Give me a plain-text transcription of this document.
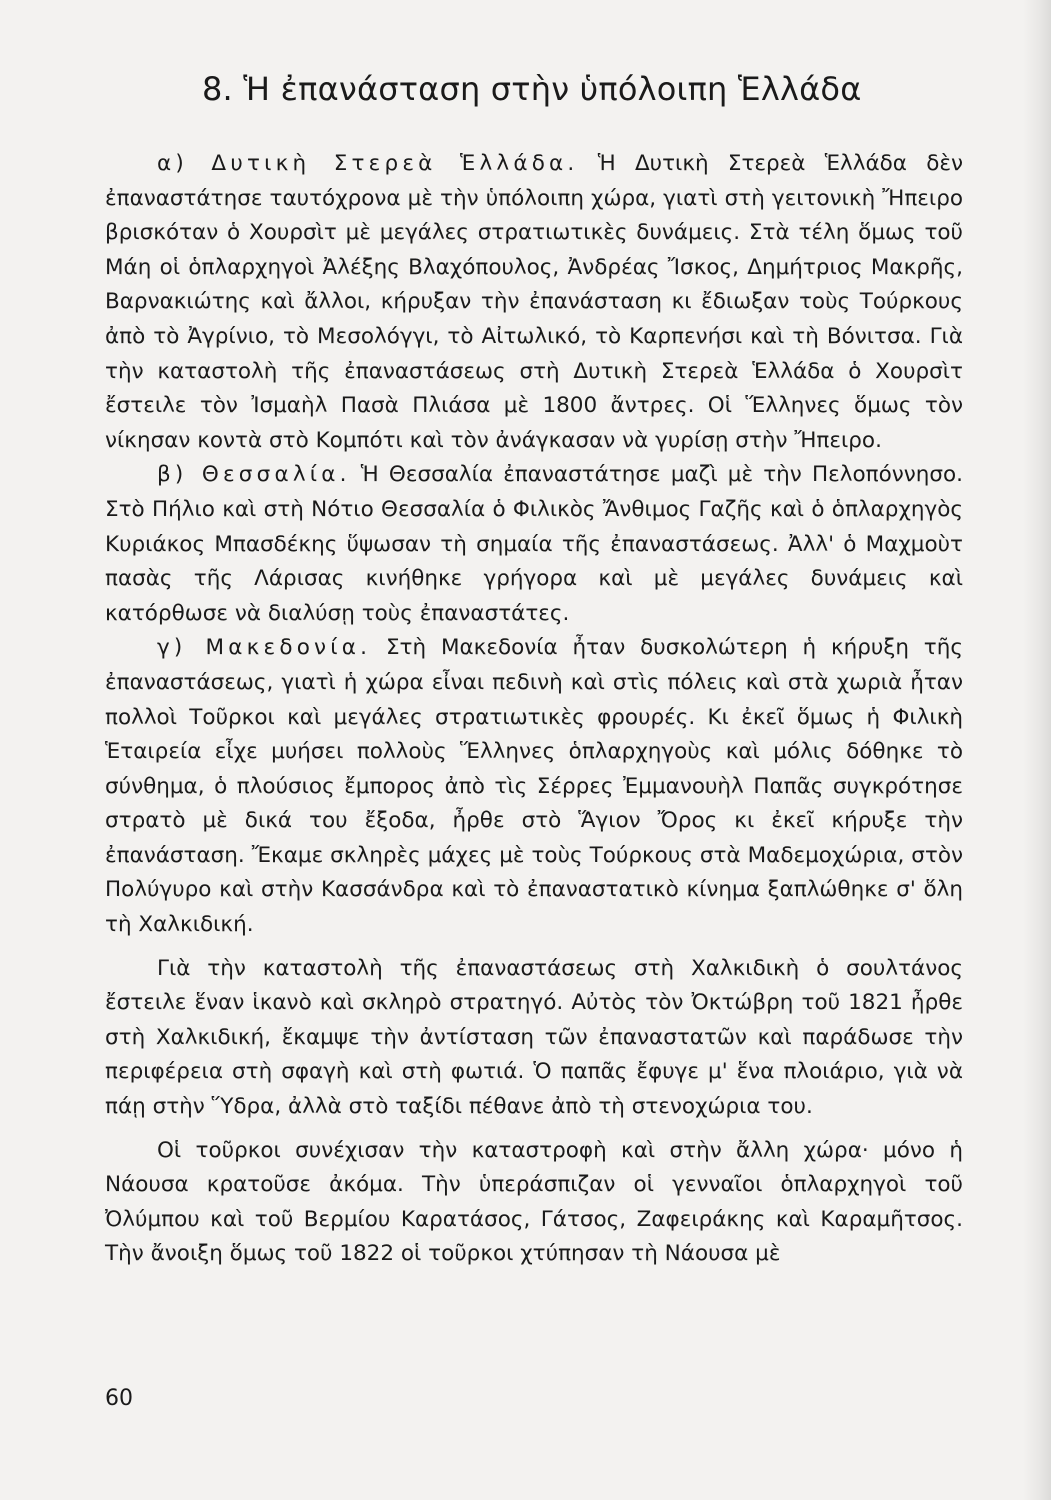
8. Ἡ ἐπανάσταση στὴν ὑπόλοιπη Ἑλλάδα

α) Δυτικὴ Στερεὰ Ἑλλάδα. Ἡ Δυτικὴ Στερεὰ Ἑλλάδα δὲν ἐπαναστάτησε ταυτόχρονα μὲ τὴν ὑπόλοιπη χώρα, γιατὶ στὴ γειτονικὴ Ἤπειρο βρισκόταν ὁ Χουρσὶτ μὲ μεγάλες στρατιωτικὲς δυνάμεις. Στὰ τέλη ὅμως τοῦ Μάη οἱ ὁπλαρχηγοὶ Ἀλέξης Βλαχόπουλος, Ἀνδρέας Ἴσκος, Δημήτριος Μακρῆς, Βαρνακιώτης καὶ ἄλλοι, κήρυξαν τὴν ἐπανάσταση κι ἔδιωξαν τοὺς Τούρκους ἀπὸ τὸ Ἀγρίνιο, τὸ Μεσολόγγι, τὸ Αἰτωλικό, τὸ Καρπενήσι καὶ τὴ Βόνιτσα. Γιὰ τὴν καταστολὴ τῆς ἐπαναστάσεως στὴ Δυτικὴ Στερεὰ Ἑλλάδα ὁ Χουρσὶτ ἔστειλε τὸν Ἰσμαὴλ Πασὰ Πλιάσα μὲ 1800 ἄντρες. Οἱ Ἕλληνες ὅμως τὸν νίκησαν κοντὰ στὸ Κομπότι καὶ τὸν ἀνάγκασαν νὰ γυρίσῃ στὴν Ἤπειρο.

β) Θεσσαλία. Ἡ Θεσσαλία ἐπαναστάτησε μαζὶ μὲ τὴν Πελοπόννησο. Στὸ Πήλιο καὶ στὴ Νότιο Θεσσαλία ὁ Φιλικὸς Ἄνθιμος Γαζῆς καὶ ὁ ὁπλαρχηγὸς Κυριάκος Μπασδέκης ὕψωσαν τὴ σημαία τῆς ἐπαναστάσεως. Ἀλλ' ὁ Μαχμοὺτ πασὰς τῆς Λάρισας κινήθηκε γρήγορα καὶ μὲ μεγάλες δυνάμεις καὶ κατόρθωσε νὰ διαλύσῃ τοὺς ἐπαναστάτες.

γ) Μακεδονία. Στὴ Μακεδονία ἦταν δυσκολώτερη ἡ κήρυξη τῆς ἐπαναστάσεως, γιατὶ ἡ χώρα εἶναι πεδινὴ καὶ στὶς πόλεις καὶ στὰ χωριὰ ἦταν πολλοὶ Τοῦρκοι καὶ μεγάλες στρατιωτικὲς φρουρές. Κι ἐκεῖ ὅμως ἡ Φιλικὴ Ἑταιρεία εἶχε μυήσει πολλοὺς Ἕλληνες ὁπλαρχηγοὺς καὶ μόλις δόθηκε τὸ σύνθημα, ὁ πλούσιος ἔμπορος ἀπὸ τὶς Σέρρες Ἐμμανουὴλ Παπᾶς συγκρότησε στρατὸ μὲ δικά του ἔξοδα, ἦρθε στὸ Ἅγιον Ὄρος κι ἐκεῖ κήρυξε τὴν ἐπανάσταση. Ἔκαμε σκληρὲς μάχες μὲ τοὺς Τούρκους στὰ Μαδεμοχώρια, στὸν Πολύγυρο καὶ στὴν Κασσάνδρα καὶ τὸ ἐπαναστατικὸ κίνημα ξαπλώθηκε σ' ὅλη τὴ Χαλκιδική.

Γιὰ τὴν καταστολὴ τῆς ἐπαναστάσεως στὴ Χαλκιδικὴ ὁ σουλτάνος ἔστειλε ἕναν ἱκανὸ καὶ σκληρὸ στρατηγό. Αὐτὸς τὸν Ὀκτώβρη τοῦ 1821 ἦρθε στὴ Χαλκιδική, ἔκαμψε τὴν ἀντίσταση τῶν ἐπαναστατῶν καὶ παράδωσε τὴν περιφέρεια στὴ σφαγὴ καὶ στὴ φωτιά. Ὁ παπᾶς ἔφυγε μ' ἕνα πλοιάριο, γιὰ νὰ πάῃ στὴν Ὕδρα, ἀλλὰ στὸ ταξίδι πέθανε ἀπὸ τὴ στενοχώρια του.

Οἱ τοῦρκοι συνέχισαν τὴν καταστροφὴ καὶ στὴν ἄλλη χώρα· μόνο ἡ Νάουσα κρατοῦσε ἀκόμα. Τὴν ὑπεράσπιζαν οἱ γενναῖοι ὁπλαρχηγοὶ τοῦ Ὀλύμπου καὶ τοῦ Βερμίου Καρατάσος, Γάτσος, Ζαφειράκης καὶ Καραμῆτσος. Τὴν ἄνοιξη ὅμως τοῦ 1822 οἱ τοῦρκοι χτύπησαν τὴ Νάουσα μὲ

60
